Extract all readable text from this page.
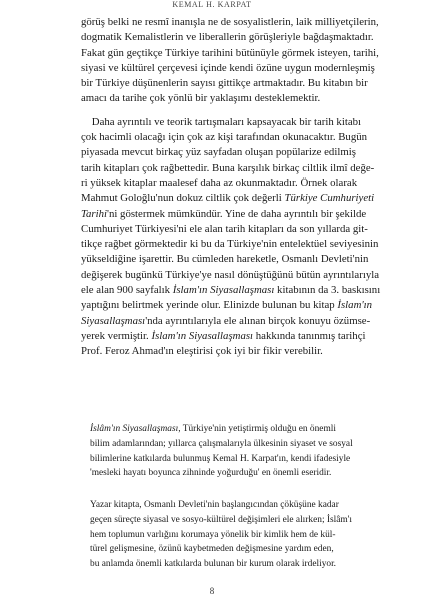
KEMAL H. KARPAT

görüş belki ne resmî inanışla ne de sosyalistlerin, laik milliyetçilerin,
dogmatik Kemalistlerin ve liberallerin görüşleriyle bağdaşmaktadır.
Fakat gün geçtikçe Türkiye tarihini bütünüyle görmek isteyen, tarihi,
siyasi ve kültürel çerçevesi içinde kendi özüne uygun modernleşmiş
bir Türkiye düşünenlerin sayısı gittikçe artmaktadır. Bu kitabın bir
amacı da tarihe çok yönlü bir yaklaşımı desteklemektir.

 Daha ayrıntılı ve teorik tartışmaları kapsayacak bir tarih kitabı
çok hacimli olacağı için çok az kişi tarafından okunacaktır. Bugün
piyasada mevcut birkaç yüz sayfadan oluşan popülarize edilmiş
tarih kitapları çok rağbettedir. Buna karşılık birkaç ciltlik ilmî değe-
ri yüksek kitaplar maalesef daha az okunmaktadır. Örnek olarak
Mahmut Goloğlu'nun dokuz ciltlik çok değerli Türkiye Cumhuriyeti
Tarihi'ni göstermek mümkündür. Yine de daha ayrıntılı bir şekilde
Cumhuriyet Türkiyesi'ni ele alan tarih kitapları da son yıllarda git-
tikçe rağbet görmektedir ki bu da Türkiye'nin entelektüel seviyesinin
yükseldiğine işarettir. Bu cümleden hareketle, Osmanlı Devleti'nin
değişerek bugünkü Türkiye'ye nasıl dönüştüğünü bütün ayrıntılarıyla
ele alan 900 sayfalık İslam'ın Siyasallaşması kitabının da 3. baskısını
yaptığını belirtmek yerinde olur. Elinizde bulunan bu kitap İslam'ın
Siyasallaşması'nda ayrıntılarıyla ele alınan birçok konuyu özümse-
yerek vermiştir. İslam'ın Siyasallaşması hakkında tanınmış tarihçi
Prof. Feroz Ahmad'ın eleştirisi çok iyi bir fikir verebilir.

İslâm'ın Siyasallaşması, Türkiye'nin yetiştirmiş olduğu en önemli
bilim adamlarından; yıllarca çalışmalarıyla ülkesinin siyaset ve sosyal
bilimlerine katkılarda bulunmuş Kemal H. Karpat'ın, kendi ifadesiyle
'mesleki hayatı boyunca zihninde yoğurduğu' en önemli eseridir.

Yazar kitapta, Osmanlı Devleti'nin başlangıcından çöküşüne kadar
geçen süreçte siyasal ve sosyo-kültürel değişimleri ele alırken; İslâm'ı
hem toplumun varlığını korumaya yönelik bir kimlik hem de kül-
türel gelişmesine, özünü kaybetmeden değişmesine yardım eden,
bu anlamda önemli katkılarda bulunan bir kurum olarak irdeliyor.

8
